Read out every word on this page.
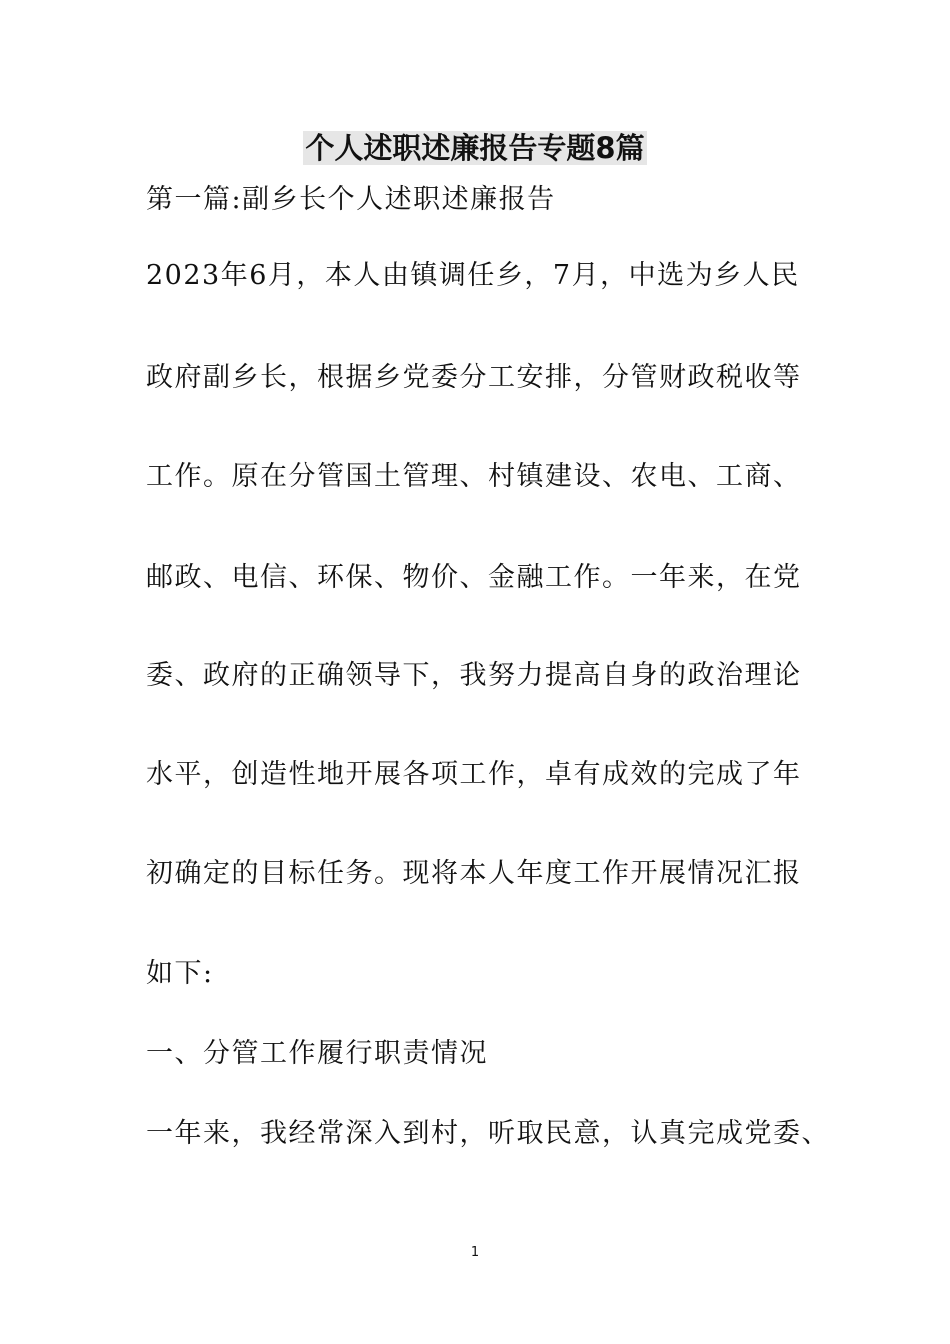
个人述职述廉报告专题8篇
第一篇:副乡长个人述职述廉报告
2023年6月，本人由镇调任乡，7月，中选为乡人民
政府副乡长，根据乡党委分工安排，分管财政税收等
工作。原在分管国土管理、村镇建设、农电、工商、
邮政、电信、环保、物价、金融工作。一年来，在党
委、政府的正确领导下，我努力提高自身的政治理论
水平，创造性地开展各项工作，卓有成效的完成了年
初确定的目标任务。现将本人年度工作开展情况汇报
如下:
一、分管工作履行职责情况
一年来，我经常深入到村，听取民意，认真完成党委、
1
